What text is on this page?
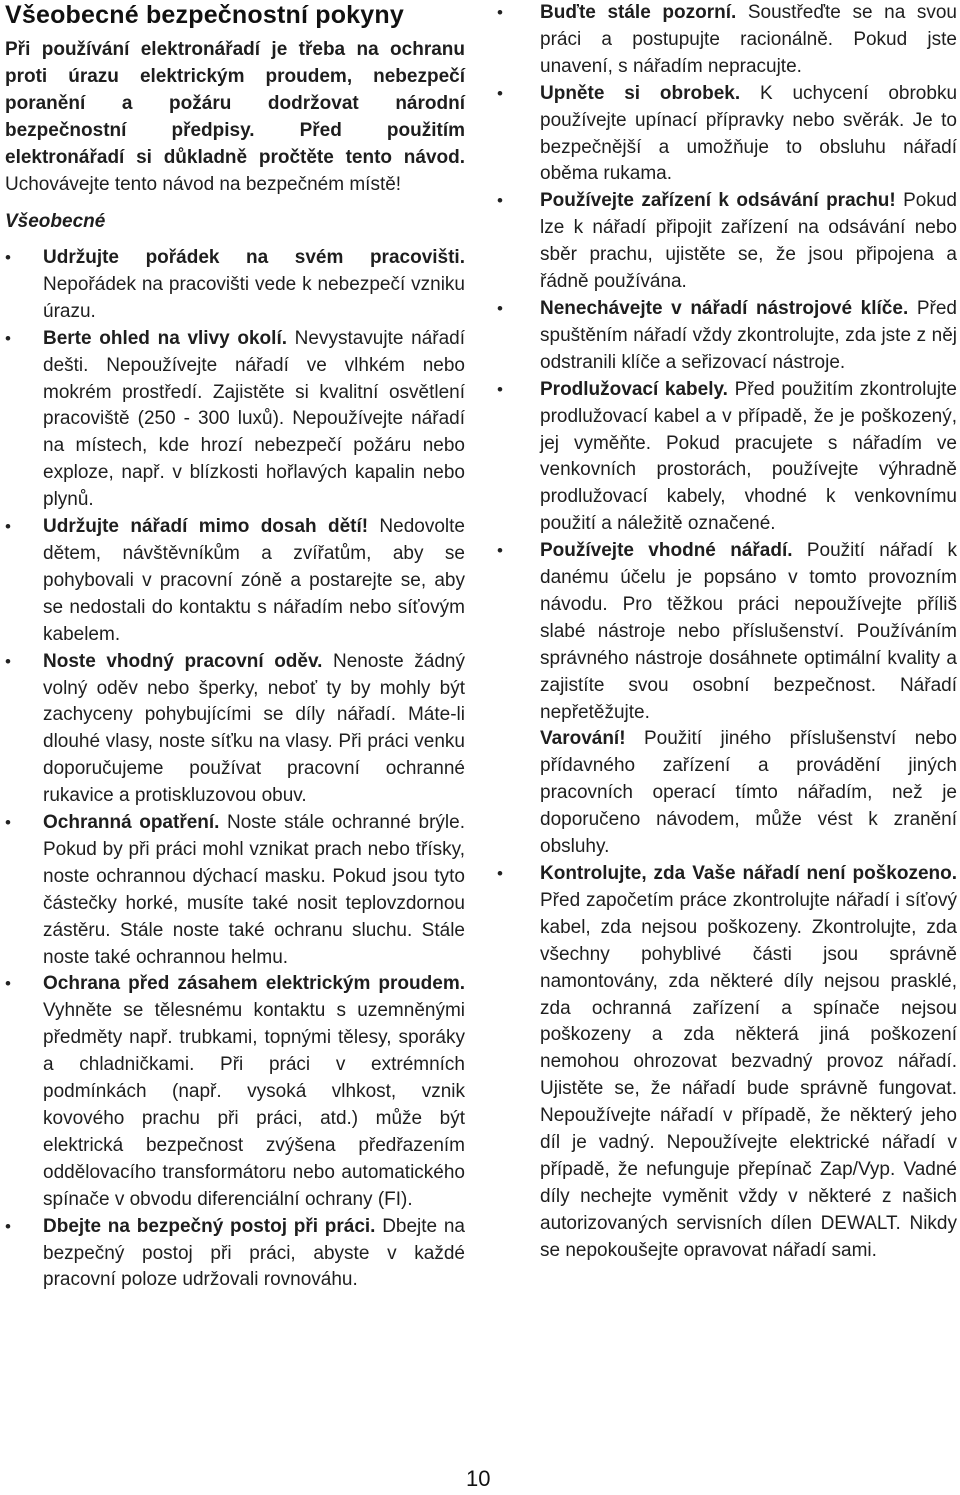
Všeobecné bezpečnostní pokyny

Při používání elektronářadí je třeba na ochranu proti úrazu elektrickým proudem, nebezpečí poranění a požáru dodržovat národní bezpečnostní předpisy. Před použitím elektronářadí si důkladně pročtěte tento návod. Uchovávejte tento návod na bezpečném místě!

Všeobecné
• Udržujte pořádek na svém pracovišti. Nepořádek na pracovišti vede k nebezpečí vzniku úrazu.
• Berte ohled na vlivy okolí. Nevystavujte nářadí dešti. Nepoužívejte nářadí ve vlhkém nebo mokrém prostředí. Zajistěte si kvalitní osvětlení pracoviště (250 - 300 luxů). Nepoužívejte nářadí na místech, kde hrozí nebezpečí požáru nebo exploze, např. v blízkosti hořlavých kapalin nebo plynů.
• Udržujte nářadí mimo dosah dětí! Nedovolte dětem, návštěvníkům a zvířatům, aby se pohybovali v pracovní zóně a postarejte se, aby se nedostali do kontaktu s nářadím nebo síťovým kabelem.
• Noste vhodný pracovní oděv. Nenoste žádný volný oděv nebo šperky, neboť ty by mohly být zachyceny pohybujícími se díly nářadí. Máte-li dlouhé vlasy, noste síťku na vlasy. Při práci venku doporučujeme používat pracovní ochranné rukavice a protiskluzovou obuv.
• Ochranná opatření. Noste stále ochranné brýle. Pokud by při práci mohl vznikat prach nebo třísky, noste ochrannou dýchací masku. Pokud jsou tyto částečky horké, musíte také nosit teplovzdornou zástěru. Stále noste také ochranu sluchu. Stále noste také ochrannou helmu.
• Ochrana před zásahem elektrickým proudem. Vyhněte se tělesnému kontaktu s uzemněnými předměty např. trubkami, topnými tělesy, sporáky a chladničkami. Při práci v extrémních podmínkách (např. vysoká vlhkost, vznik kovového prachu při práci, atd.) může být elektrická bezpečnost zvýšena předřazením oddělovacího transformátoru nebo automatického spínače v obvodu diferenciální ochrany (FI).
• Dbejte na bezpečný postoj při práci. Dbejte na bezpečný postoj při práci, abyste v každé pracovní poloze udržovali rovnováhu.
• Buďte stále pozorní. Soustřeďte se na svou práci a postupujte racionálně. Pokud jste unavení, s nářadím nepracujte.
• Upněte si obrobek. K uchycení obrobku používejte upínací přípravky nebo svěrák. Je to bezpečnější a umožňuje to obsluhu nářadí oběma rukama.
• Používejte zařízení k odsávání prachu! Pokud lze k nářadí připojit zařízení na odsávání nebo sběr prachu, ujistěte se, že jsou připojena a řádně používána.
• Nenechávejte v nářadí nástrojové klíče. Před spuštěním nářadí vždy zkontrolujte, zda jste z něj odstranili klíče a seřizovací nástroje.
• Prodlužovací kabely. Před použitím zkontrolujte prodlužovací kabel a v případě, že je poškozený, jej vyměňte. Pokud pracujete s nářadím ve venkovních prostorách, používejte výhradně prodlužovací kabely, vhodné k venkovnímu použití a náležitě označené.
• Používejte vhodné nářadí. Použití nářadí k danému účelu je popsáno v tomto provozním návodu. Pro těžkou práci nepoužívejte příliš slabé nástroje nebo příslušenství. Používáním správného nástroje dosáhnete optimální kvality a zajistíte svou osobní bezpečnost. Nářadí nepřetěžujte.
Varování! Použití jiného příslušenství nebo přídavného zařízení a provádění jiných pracovních operací tímto nářadím, než je doporučeno návodem, může vést k zranění obsluhy.
• Kontrolujte, zda Vaše nářadí není poškozeno. Před započetím práce zkontrolujte nářadí i síťový kabel, zda nejsou poškozeny. Zkontrolujte, zda všechny pohyblivé části jsou správně namontovány, zda některé díly nejsou prasklé, zda ochranná zařízení a spínače nejsou poškozeny a zda některá jiná poškození nemohou ohrozovat bezvadný provoz nářadí. Ujistěte se, že nářadí bude správně fungovat. Nepoužívejte nářadí v případě, že některý jeho díl je vadný. Nepoužívejte elektrické nářadí v případě, že nefunguje přepínač Zap/Vyp. Vadné díly nechejte vyměnit vždy v některé z našich autorizovaných servisních dílen DEWALT. Nikdy se nepokoušejte opravovat nářadí sami.
10
